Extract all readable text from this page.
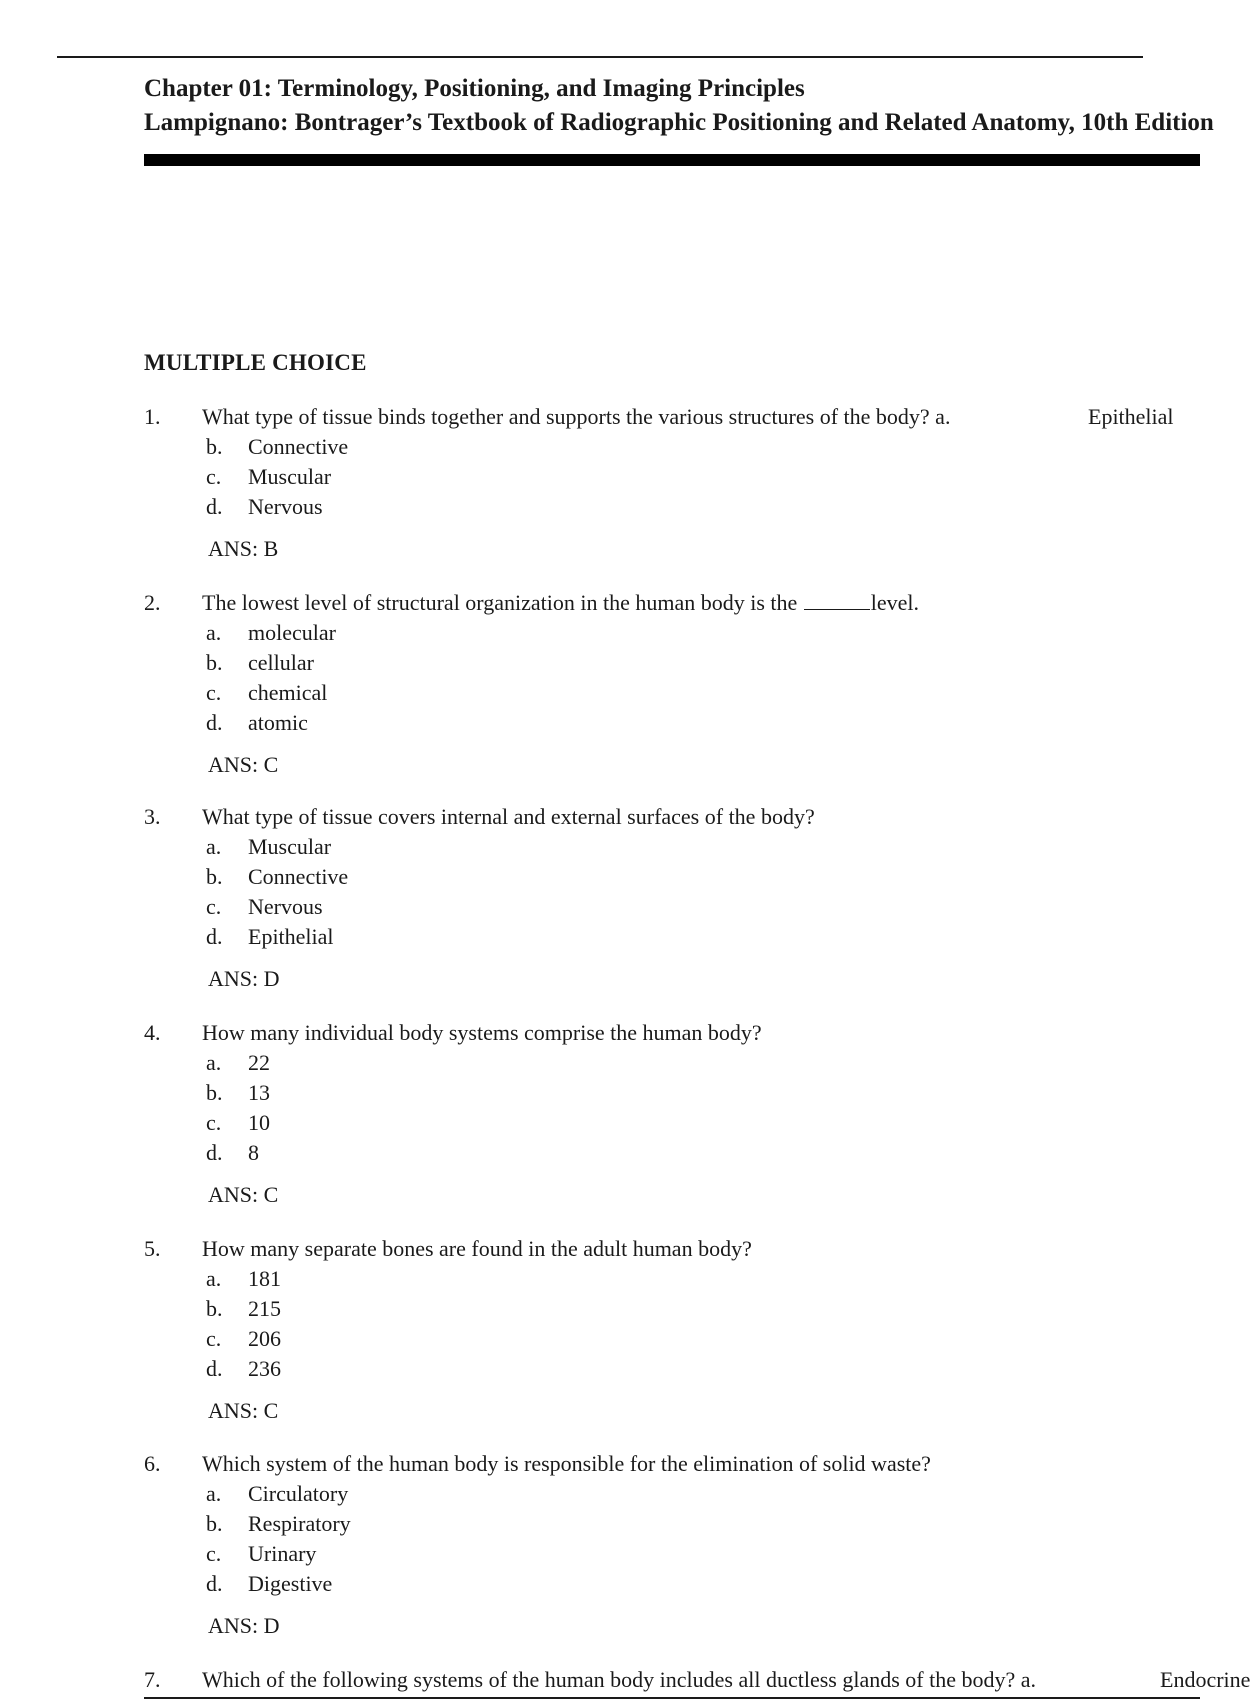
Chapter 01: Terminology, Positioning, and Imaging Principles
Lampignano: Bontrager’s Textbook of Radiographic Positioning and Related Anatomy, 10th Edition
MULTIPLE CHOICE
1. What type of tissue binds together and supports the various structures of the body? a.	Epithelial
b. Connective
c. Muscular
d. Nervous
ANS: B
2. The lowest level of structural organization in the human body is the	level.
a. molecular
b. cellular
c. chemical
d. atomic
ANS: C
3. What type of tissue covers internal and external surfaces of the body?
a. Muscular
b. Connective
c. Nervous
d. Epithelial
ANS: D
4. How many individual body systems comprise the human body?
a. 22
b. 13
c. 10
d. 8
ANS: C
5. How many separate bones are found in the adult human body?
a. 181
b. 215
c. 206
d. 236
ANS: C
6. Which system of the human body is responsible for the elimination of solid waste?
a. Circulatory
b. Respiratory
c. Urinary
d. Digestive
ANS: D
7. Which of the following systems of the human body includes all ductless glands of the body? a.	Endocrine
